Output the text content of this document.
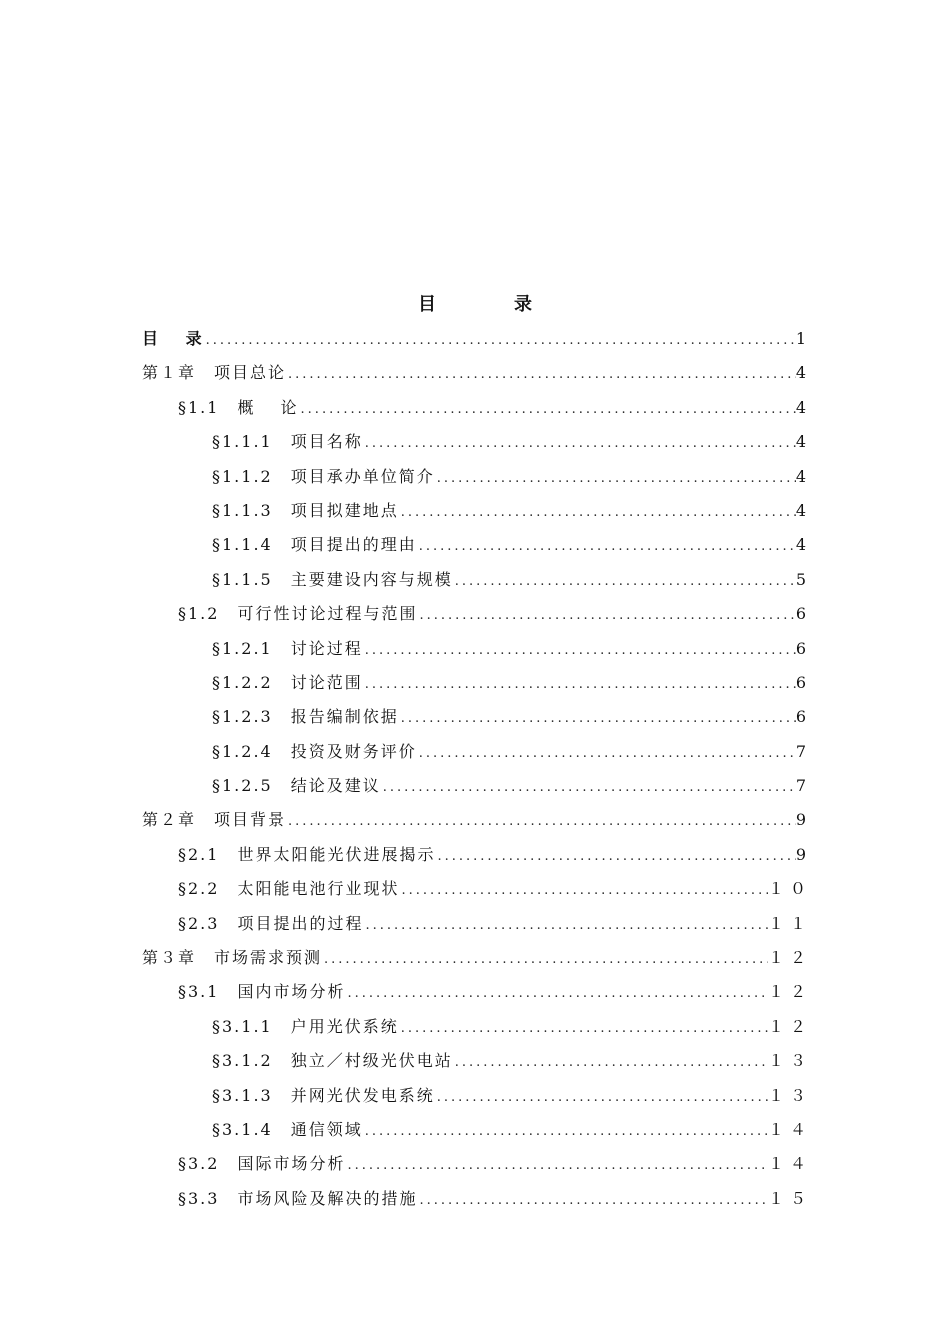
目　录
目　 录 .....	1
第１章　项目总论 .....	4
§1.1　概　 论 .....	4
§1.1.1　项目名称 .....	4
§1.1.2　项目承办单位简介 .....	4
§1.1.3　项目拟建地点 .....	4
§1.1.4　项目提出的理由 .....	4
§1.1.5　主要建设内容与规模 .....	5
§1.2　可行性讨论过程与范围 .....	6
§1.2.1　讨论过程 .....	6
§1.2.2　讨论范围 .....	6
§1.2.3　报告编制依据 .....	6
§1.2.4　投资及财务评价 .....	7
§1.2.5　结论及建议 .....	7
第２章　项目背景 .....	9
§2.1　世界太阳能光伏进展揭示 .....	9
§2.2　太阳能电池行业现状 .....	１０
§2.3　项目提出的过程 .....	１１
第３章　市场需求预测 .....	１２
§3.1　国内市场分析 .....	１２
§3.1.1　户用光伏系统 .....	１２
§3.1.2　独立／村级光伏电站 .....	１３
§3.1.3　并网光伏发电系统 .....	１３
§3.1.4　通信领域 .....	１４
§3.2　国际市场分析 .....	１４
§3.3　市场风险及解决的措施 .....	１５
